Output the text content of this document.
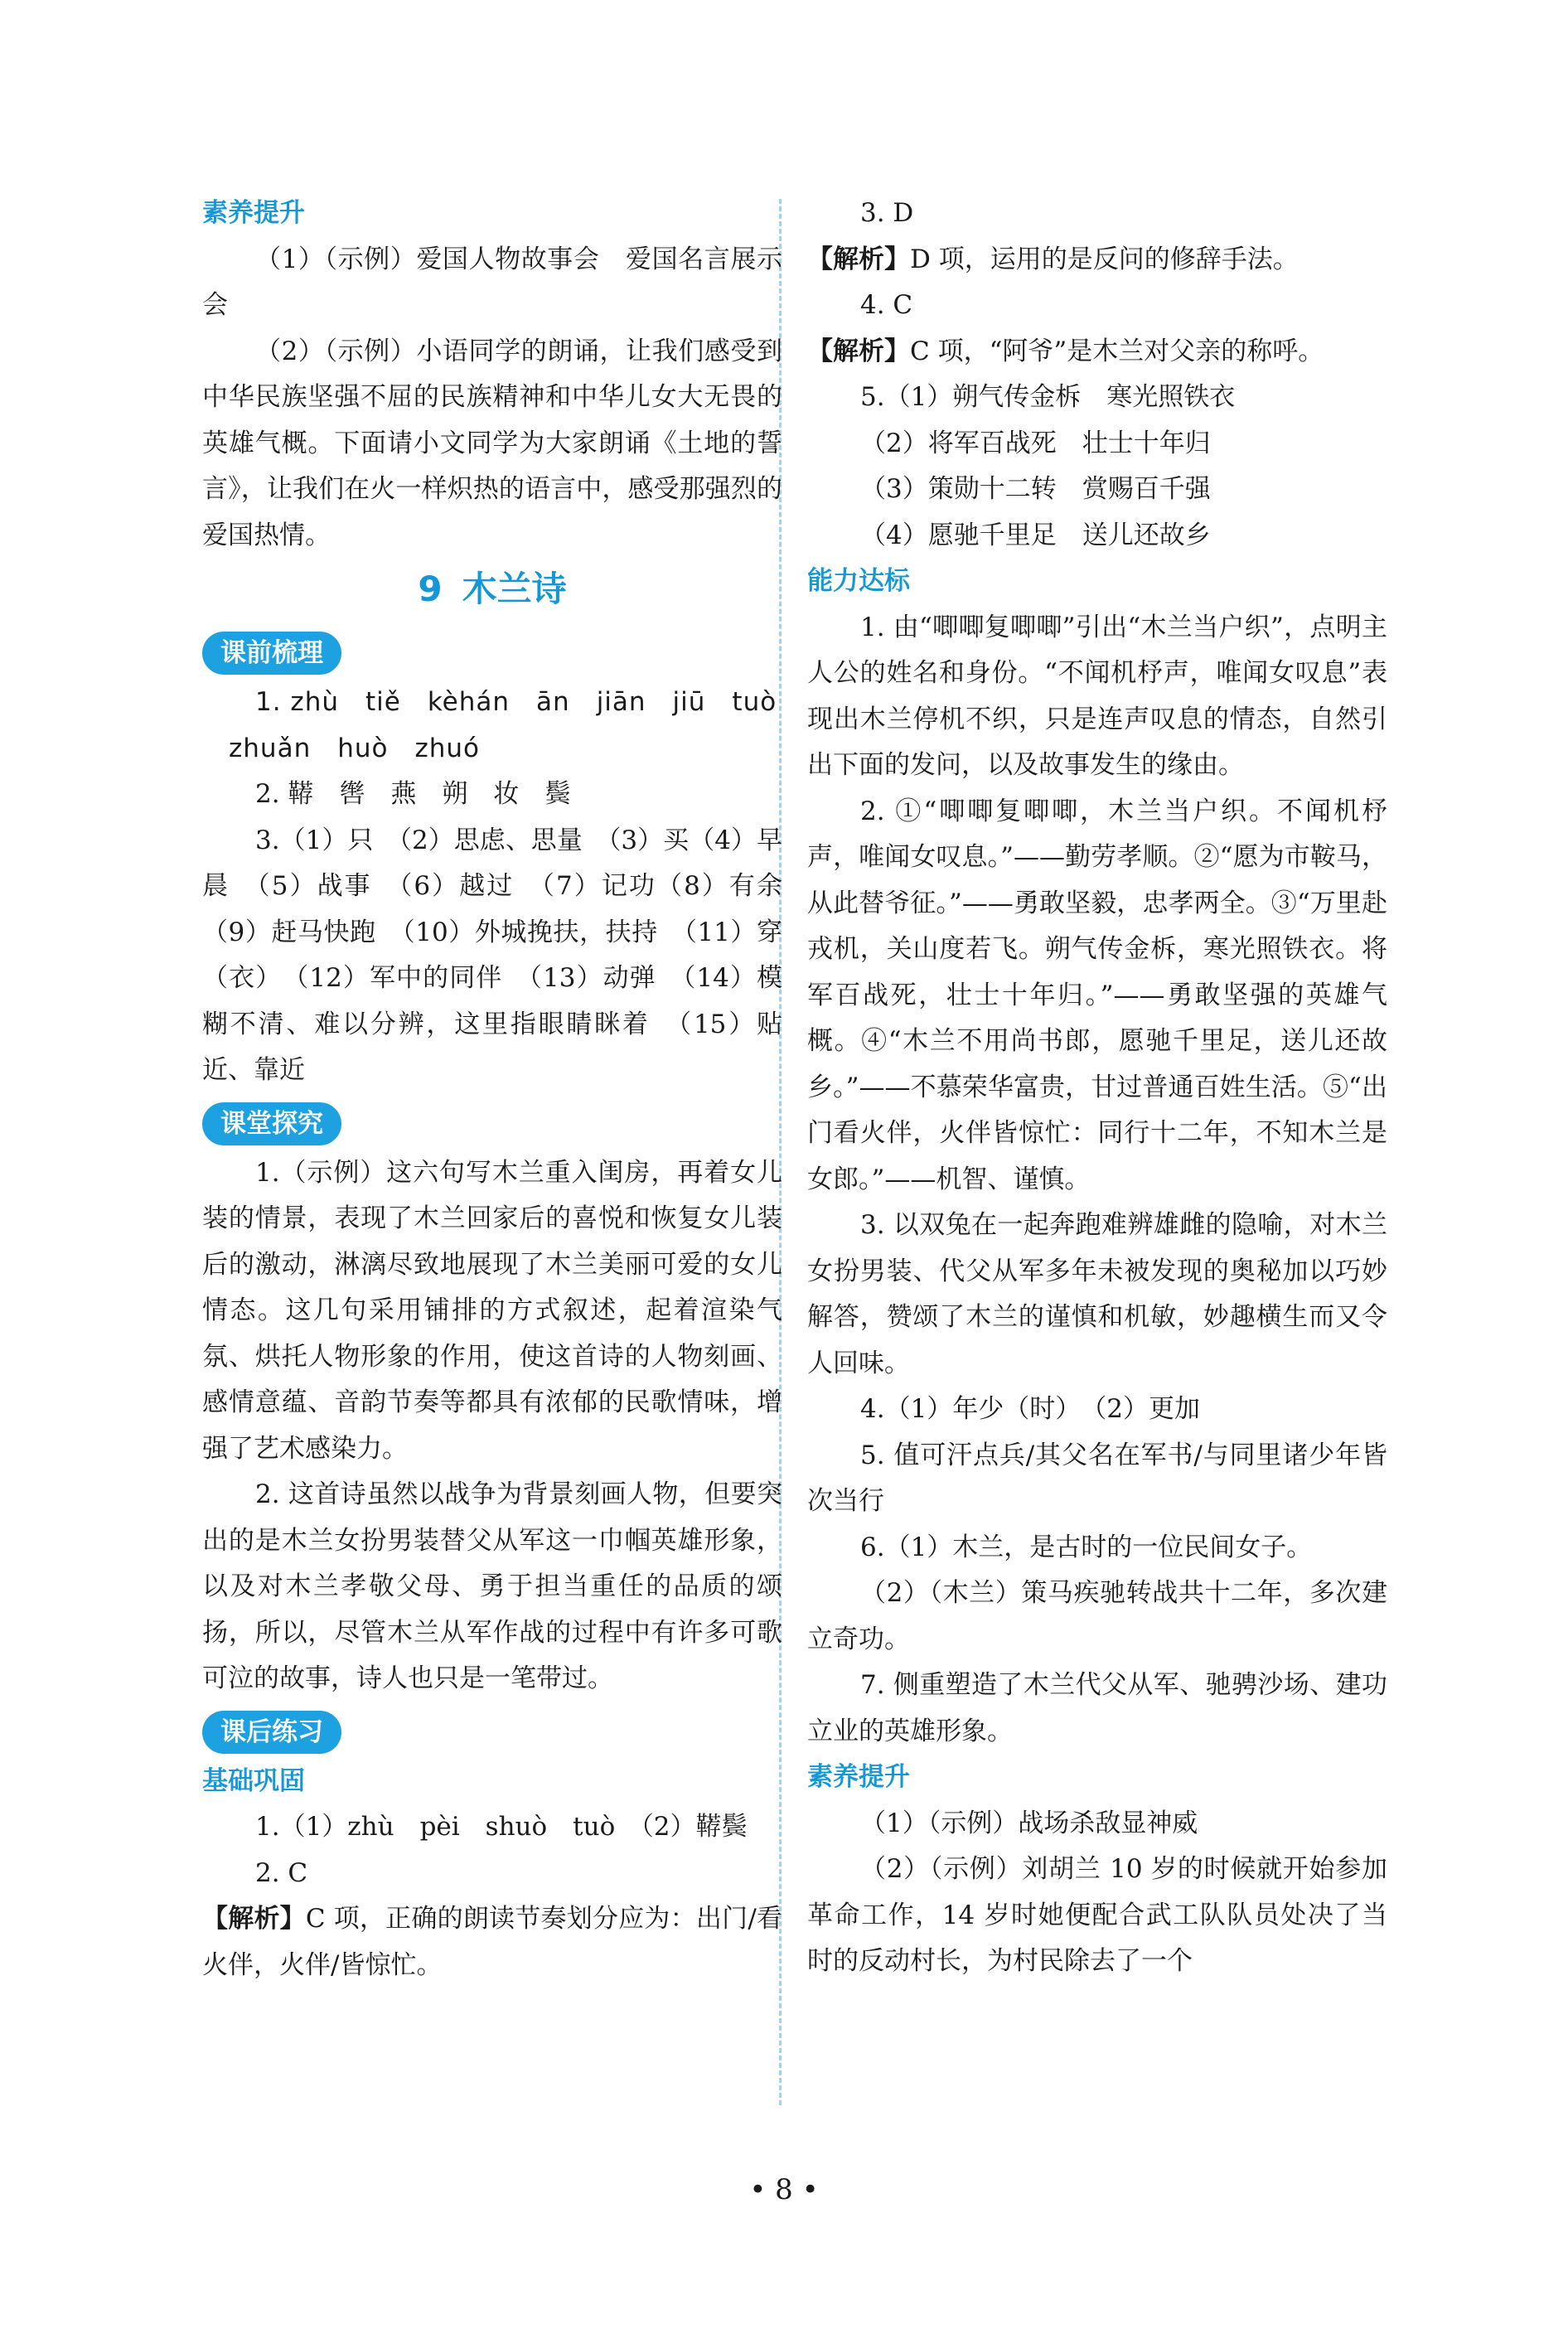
素养提升

（1）（示例）爱国人物故事会　爱国名言展示会

（2）（示例）小语同学的朗诵，让我们感受到中华民族坚强不屈的民族精神和中华儿女大无畏的英雄气概。下面请小文同学为大家朗诵《土地的誓言》，让我们在火一样炽热的语言中，感受那强烈的爱国热情。

9 木兰诗
课前梳理

1. zhù　tiě　kèhán　ān　jiān　jiū　tuò

zhuǎn　huò　zhuó

2. 鞯　辔　燕　朔　妆　鬓

3.（1）只　（2）思虑、思量　（3）买（4）早晨　（5）战事　（6）越过　（7）记功（8）有余　（9）赶马快跑　（10）外城挽扶，扶持　（11）穿（衣）　（12）军中的同伴　（13）动弹　（14）模糊不清、难以分辨，这里指眼睛眯着　（15）贴近、靠近

课堂探究

1.（示例）这六句写木兰重入闺房，再着女儿装的情景，表现了木兰回家后的喜悦和恢复女儿装后的激动，淋漓尽致地展现了木兰美丽可爱的女儿情态。这几句采用铺排的方式叙述，起着渲染气氛、烘托人物形象的作用，使这首诗的人物刻画、感情意蕴、音韵节奏等都具有浓郁的民歌情味，增强了艺术感染力。

2. 这首诗虽然以战争为背景刻画人物，但要突出的是木兰女扮男装替父从军这一巾帼英雄形象，以及对木兰孝敬父母、勇于担当重任的品质的颂扬，所以，尽管木兰从军作战的过程中有许多可歌可泣的故事，诗人也只是一笔带过。

课后练习

基础巩固

1.（1）zhù　pèi　shuò　tuò　（2）鞯鬓

2. C

【解析】C 项，正确的朗读节奏划分应为：出门/看火伴，火伴/皆惊忙。

3. D

【解析】D 项，运用的是反问的修辞手法。

4. C

【解析】C 项，“阿爷”是木兰对父亲的称呼。

5.（1）朔气传金柝　寒光照铁衣

（2）将军百战死　壮士十年归

（3）策勋十二转　赏赐百千强

（4）愿驰千里足　送儿还故乡

能力达标

1. 由“唧唧复唧唧”引出“木兰当户织”，点明主人公的姓名和身份。“不闻机杼声，唯闻女叹息”表现出木兰停机不织，只是连声叹息的情态，自然引出下面的发问，以及故事发生的缘由。

2. ①“唧唧复唧唧，木兰当户织。不闻机杼声，唯闻女叹息。”——勤劳孝顺。②“愿为市鞍马，从此替爷征。”——勇敢坚毅，忠孝两全。③“万里赴戎机，关山度若飞。朔气传金柝，寒光照铁衣。将军百战死，壮士十年归。”——勇敢坚强的英雄气概。④“木兰不用尚书郎，愿驰千里足，送儿还故乡。”——不慕荣华富贵，甘过普通百姓生活。⑤“出门看火伴，火伴皆惊忙：同行十二年，不知木兰是女郎。”——机智、谨慎。

3. 以双兔在一起奔跑难辨雄雌的隐喻，对木兰女扮男装、代父从军多年未被发现的奥秘加以巧妙解答，赞颂了木兰的谨慎和机敏，妙趣横生而又令人回味。

4.（1）年少（时）　（2）更加

5. 值可汗点兵/其父名在军书/与同里诸少年皆次当行

6.（1）木兰，是古时的一位民间女子。

（2）（木兰）策马疾驰转战共十二年，多次建立奇功。

7. 侧重塑造了木兰代父从军、驰骋沙场、建功立业的英雄形象。

素养提升

（1）（示例）战场杀敌显神威

（2）（示例）刘胡兰 10 岁的时候就开始参加革命工作，14 岁时她便配合武工队队员处决了当时的反动村长，为村民除去了一个

• 8 •
